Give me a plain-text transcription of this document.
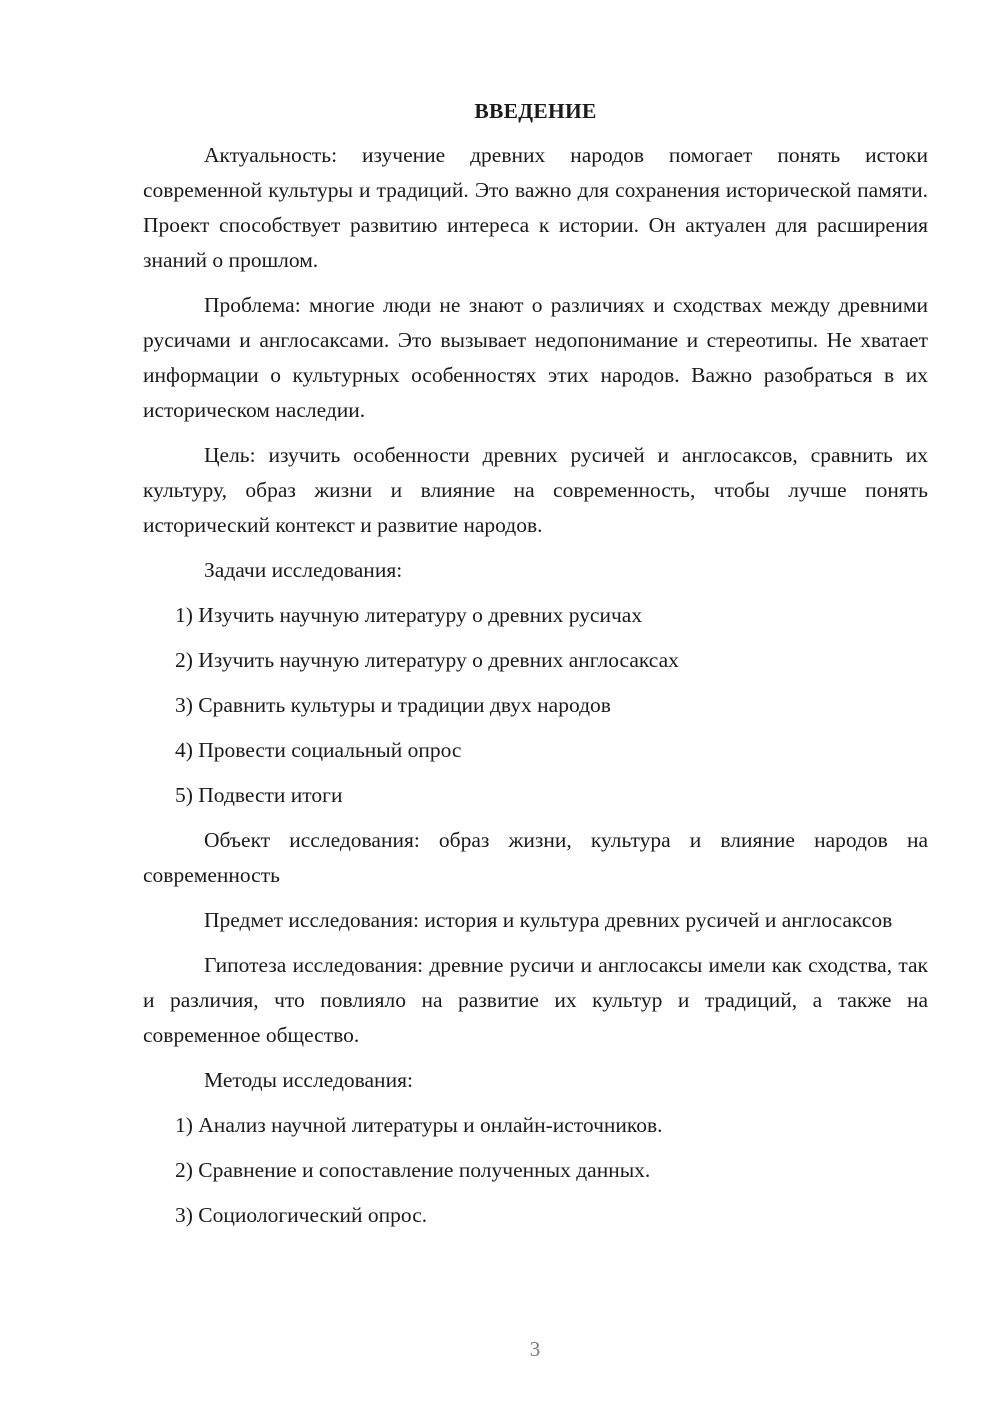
ВВЕДЕНИЕ

Актуальность: изучение древних народов помогает понять истоки современной культуры и традиций. Это важно для сохранения исторической памяти. Проект способствует развитию интереса к истории. Он актуален для расширения знаний о прошлом.

Проблема: многие люди не знают о различиях и сходствах между древними русичами и англосаксами. Это вызывает недопонимание и стереотипы. Не хватает информации о культурных особенностях этих народов. Важно разобраться в их историческом наследии.

Цель: изучить особенности древних русичей и англосаксов, сравнить их культуру, образ жизни и влияние на современность, чтобы лучше понять исторический контекст и развитие народов.

Задачи исследования:

1) Изучить научную литературу о древних русичах

2) Изучить научную литературу о древних англосаксах

3) Сравнить культуры и традиции двух народов

4) Провести социальный опрос

5) Подвести итоги

Объект исследования: образ жизни, культура и влияние народов на современность

Предмет исследования: история и культура древних русичей и англосаксов

Гипотеза исследования: древние русичи и англосаксы имели как сходства, так и различия, что повлияло на развитие их культур и традиций, а также на современное общество.

Методы исследования:

1) Анализ научной литературы и онлайн-источников.

2) Сравнение и сопоставление полученных данных.

3) Социологический опрос.

3
